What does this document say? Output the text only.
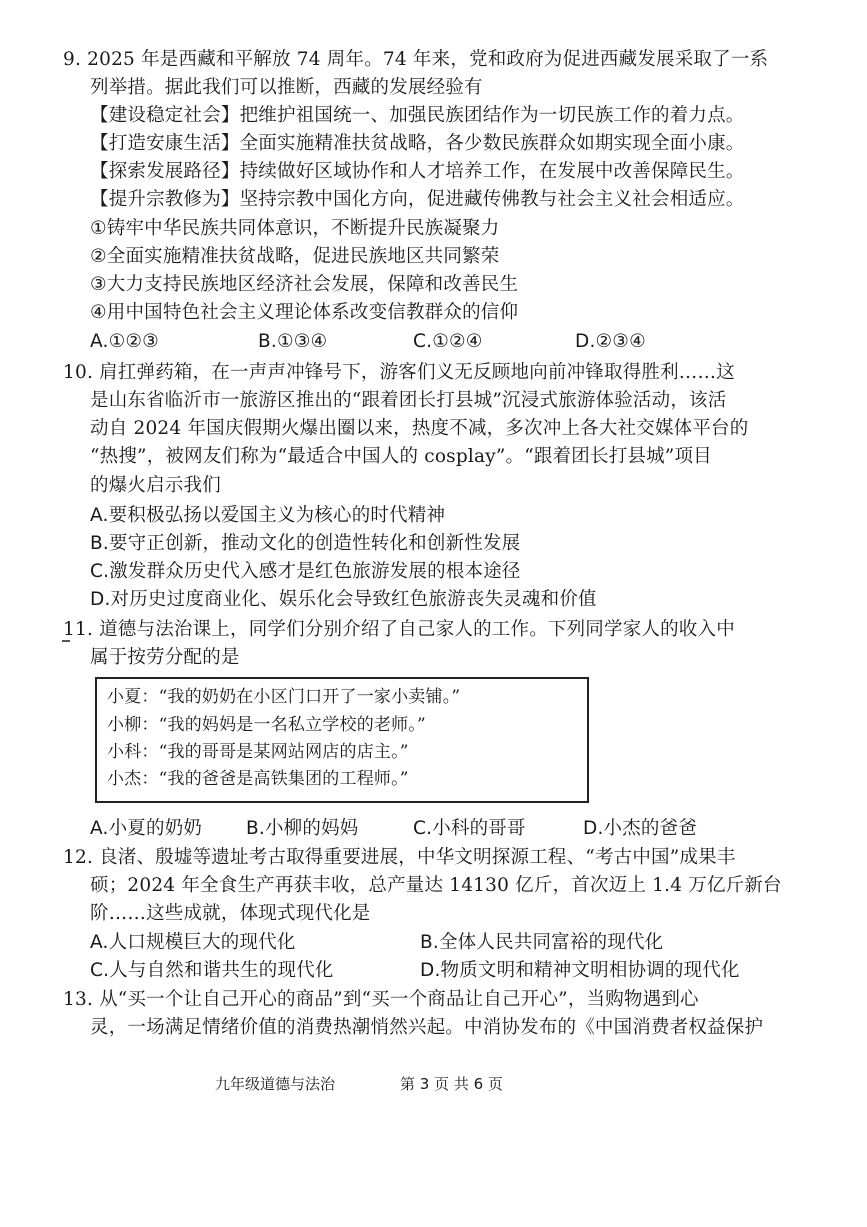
9. 2025 年是西藏和平解放 74 周年。74 年来，党和政府为促进西藏发展采取了一系
列举措。据此我们可以推断，西藏的发展经验有
【建设稳定社会】把维护祖国统一、加强民族团结作为一切民族工作的着力点。
【打造安康生活】全面实施精准扶贫战略，各少数民族群众如期实现全面小康。
【探索发展路径】持续做好区域协作和人才培养工作，在发展中改善保障民生。
【提升宗教修为】坚持宗教中国化方向，促进藏传佛教与社会主义社会相适应。
①铸牢中华民族共同体意识，不断提升民族凝聚力
②全面实施精准扶贫战略，促进民族地区共同繁荣
③大力支持民族地区经济社会发展，保障和改善民生
④用中国特色社会主义理论体系改变信教群众的信仰
A.①②③	B.①③④	C.①②④	D.②③④
10. 肩扛弹药箱，在一声声冲锋号下，游客们义无反顾地向前冲锋取得胜利……这
是山东省临沂市一旅游区推出的“跟着团长打县城”沉浸式旅游体验活动，该活
动自 2024 年国庆假期火爆出圈以来，热度不减，多次冲上各大社交媒体平台的
“热搜”，被网友们称为“最适合中国人的 cosplay”。“跟着团长打县城”项目
的爆火启示我们
A.要积极弘扬以爱国主义为核心的时代精神
B.要守正创新，推动文化的创造性转化和创新性发展
C.激发群众历史代入感才是红色旅游发展的根本途径
D.对历史过度商业化、娱乐化会导致红色旅游丧失灵魂和价值
11. 道德与法治课上，同学们分别介绍了自己家人的工作。下列同学家人的收入中
属于按劳分配的是
小夏：“我的奶奶在小区门口开了一家小卖铺。”
小柳：“我的妈妈是一名私立学校的老师。”
小科：“我的哥哥是某网站网店的店主。”
小杰：“我的爸爸是高铁集团的工程师。”
A.小夏的奶奶 B.小柳的妈妈	C.小科的哥哥	D.小杰的爸爸
12. 良渚、殷墟等遗址考古取得重要进展，中华文明探源工程、“考古中国”成果丰
硕；2024 年全食生产再获丰收，总产量达 14130 亿斤，首次迈上 1.4 万亿斤新台
阶……这些成就，体现式现代化是
A.人口规模巨大的现代化	B.全体人民共同富裕的现代化
C.人与自然和谐共生的现代化	D.物质文明和精神文明相协调的现代化
13. 从“买一个让自己开心的商品”到“买一个商品让自己开心”，当购物遇到心
灵，一场满足情绪价值的消费热潮悄然兴起。中消协发布的《中国消费者权益保护
九年级道德与法治	第 3 页 共 6 页
